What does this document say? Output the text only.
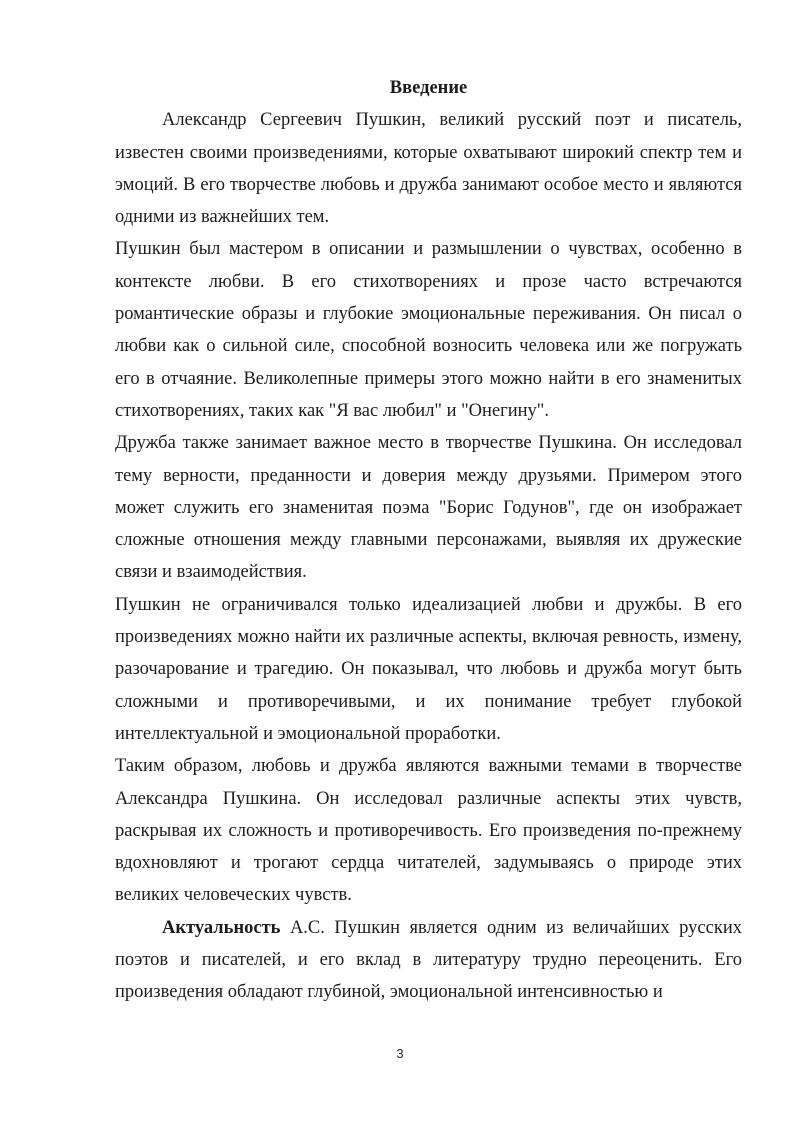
Введение

Александр Сергеевич Пушкин, великий русский поэт и писатель, известен своими произведениями, которые охватывают широкий спектр тем и эмоций. В его творчестве любовь и дружба занимают особое место и являются одними из важнейших тем.

Пушкин был мастером в описании и размышлении о чувствах, особенно в контексте любви. В его стихотворениях и прозе часто встречаются романтические образы и глубокие эмоциональные переживания. Он писал о любви как о сильной силе, способной возносить человека или же погружать его в отчаяние. Великолепные примеры этого можно найти в его знаменитых стихотворениях, таких как "Я вас любил" и "Онегину".

Дружба также занимает важное место в творчестве Пушкина. Он исследовал тему верности, преданности и доверия между друзьями. Примером этого может служить его знаменитая поэма "Борис Годунов", где он изображает сложные отношения между главными персонажами, выявляя их дружеские связи и взаимодействия.

Пушкин не ограничивался только идеализацией любви и дружбы. В его произведениях можно найти их различные аспекты, включая ревность, измену, разочарование и трагедию. Он показывал, что любовь и дружба могут быть сложными и противоречивыми, и их понимание требует глубокой интеллектуальной и эмоциональной проработки.

Таким образом, любовь и дружба являются важными темами в творчестве Александра Пушкина. Он исследовал различные аспекты этих чувств, раскрывая их сложность и противоречивость. Его произведения по-прежнему вдохновляют и трогают сердца читателей, задумываясь о природе этих великих человеческих чувств.

Актуальность А.С. Пушкин является одним из величайших русских поэтов и писателей, и его вклад в литературу трудно переоценить. Его произведения обладают глубиной, эмоциональной интенсивностью и

3
